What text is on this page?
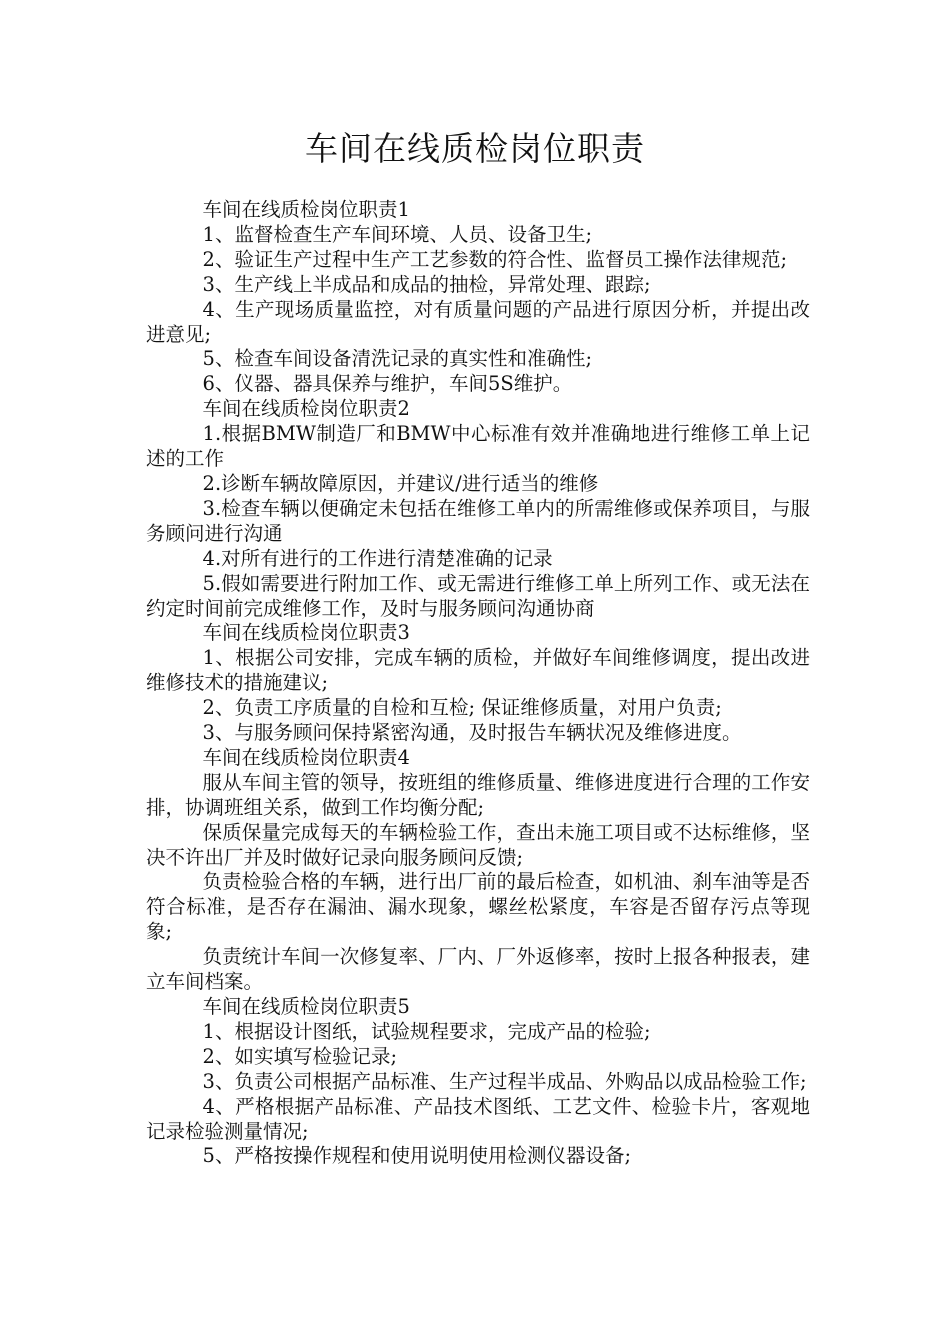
车间在线质检岗位职责

车间在线质检岗位职责1

1、监督检查生产车间环境、人员、设备卫生;

2、验证生产过程中生产工艺参数的符合性、监督员工操作法律规范;

3、生产线上半成品和成品的抽检，异常处理、跟踪;

4、生产现场质量监控，对有质量问题的产品进行原因分析，并提出改进意见;

5、检查车间设备清洗记录的真实性和准确性;

6、仪器、器具保养与维护，车间5S维护。

车间在线质检岗位职责2

1.根据BMW制造厂和BMW中心标准有效并准确地进行维修工单上记述的工作

2.诊断车辆故障原因，并建议/进行适当的维修

3.检查车辆以便确定未包括在维修工单内的所需维修或保养项目，与服务顾问进行沟通

4.对所有进行的工作进行清楚准确的记录

5.假如需要进行附加工作、或无需进行维修工单上所列工作、或无法在约定时间前完成维修工作，及时与服务顾问沟通协商

车间在线质检岗位职责3

1、根据公司安排，完成车辆的质检，并做好车间维修调度，提出改进维修技术的措施建议;

2、负责工序质量的自检和互检; 保证维修质量，对用户负责;

3、与服务顾问保持紧密沟通，及时报告车辆状况及维修进度。

车间在线质检岗位职责4

服从车间主管的领导，按班组的维修质量、维修进度进行合理的工作安排，协调班组关系，做到工作均衡分配;

保质保量完成每天的车辆检验工作，查出未施工项目或不达标维修，坚决不许出厂并及时做好记录向服务顾问反馈;

负责检验合格的车辆，进行出厂前的最后检查，如机油、刹车油等是否符合标准，是否存在漏油、漏水现象，螺丝松紧度，车容是否留存污点等现象;

负责统计车间一次修复率、厂内、厂外返修率，按时上报各种报表，建立车间档案。

车间在线质检岗位职责5

1、根据设计图纸，试验规程要求，完成产品的检验;

2、如实填写检验记录;

3、负责公司根据产品标准、生产过程半成品、外购品以成品检验工作;

4、严格根据产品标准、产品技术图纸、工艺文件、检验卡片，客观地记录检验测量情况;

5、严格按操作规程和使用说明使用检测仪器设备;
